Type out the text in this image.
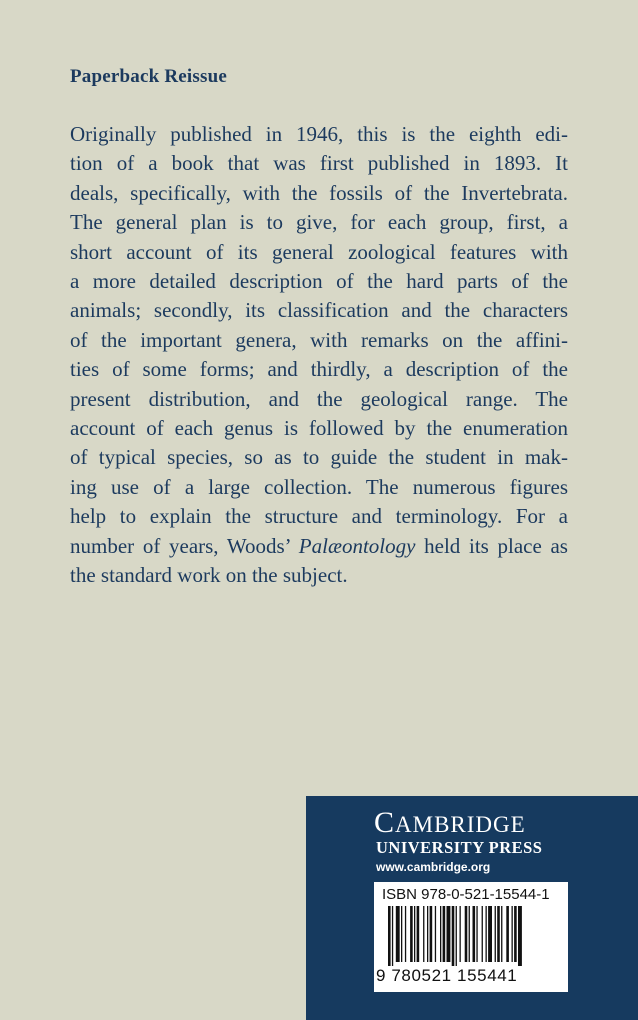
Paperback Reissue
Originally published in 1946, this is the eighth edi-
tion of a book that was first published in 1893. It
deals, specifically, with the fossils of the Invertebrata.
The general plan is to give, for each group, first, a
short account of its general zoological features with
a more detailed description of the hard parts of the
animals; secondly, its classification and the characters
of the important genera, with remarks on the affini-
ties of some forms; and thirdly, a description of the
present distribution, and the geological range. The
account of each genus is followed by the enumeration
of typical species, so as to guide the student in mak-
ing use of a large collection. The numerous figures
help to explain the structure and terminology. For a
number of years, Woods’ Palæontology held its place as
the standard work on the subject.
CAMBRIDGE
UNIVERSITY PRESS
www.cambridge.org
ISBN 978-0-521-15544-1
9 780521 155441
